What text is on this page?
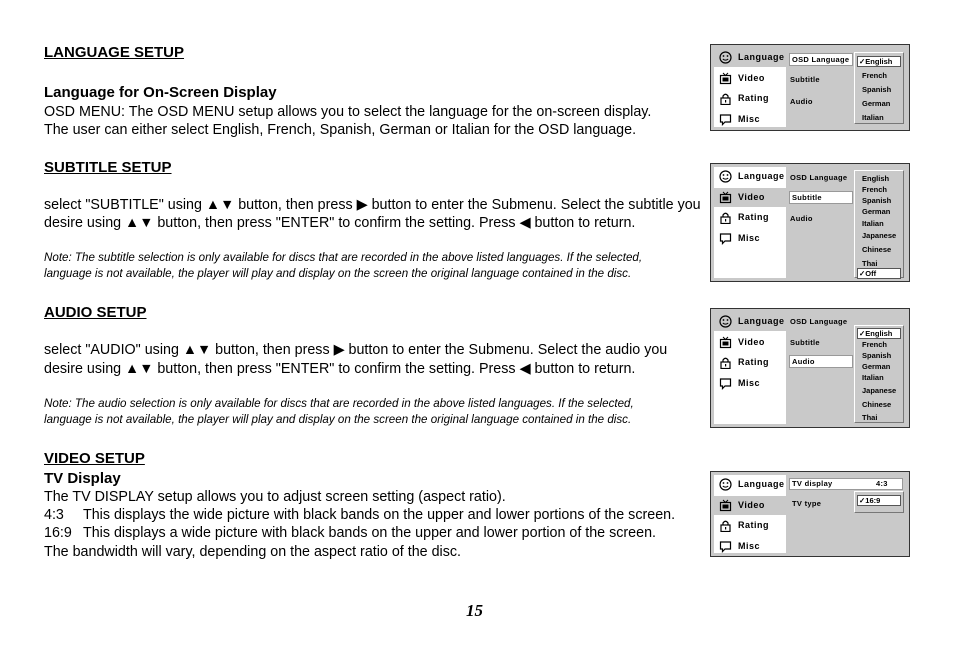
LANGUAGE SETUP
Language for On-Screen Display
OSD MENU: The OSD MENU setup allows you to select the language for the on-screen display.
The user can either select English, French, Spanish, German or Italian for the OSD language.
SUBTITLE SETUP
select "SUBTITLE" using ▲▼ button, then press ▶ button to enter the Submenu. Select the subtitle you
desire using ▲▼ button, then press "ENTER" to confirm the setting. Press ◀ button to return.
Note: The subtitle selection is only available for discs that are recorded in the above listed languages. If the selected,
language is not available, the player will play and display on the screen the original language contained in the disc.
AUDIO SETUP
select "AUDIO" using ▲▼ button, then press ▶ button to enter the Submenu. Select the audio you
desire using ▲▼ button, then press "ENTER" to confirm the setting. Press ◀ button to return.
Note: The audio selection is only available for discs that are recorded in the above listed languages. If the selected,
language is not available, the player will play and display on the screen the original language contained in the disc.
VIDEO SETUP
TV Display
The TV DISPLAY setup allows you to adjust screen setting (aspect ratio).
4:3 This displays the wide picture with black bands on the upper and lower portions of the screen.
16:9 This displays a wide picture with black bands on the upper and lower portion of the screen.
The bandwidth will vary, depending on the aspect ratio of the disc.
15
Language
Video
Rating
Misc
OSD Language
Subtitle
Audio
✓English
French
Spanish
German
Italian
Language
Video
Rating
Misc
OSD Language
Subtitle
Audio
English
French
Spanish
German
Italian
Japanese
Chinese
Thai
✓Off
Language
Video
Rating
Misc
OSD Language
Subtitle
Audio
✓English
French
Spanish
German
Italian
Japanese
Chinese
Thai
Language
Video
Rating
Misc
TV display	4:3
TV type	✓16:9
